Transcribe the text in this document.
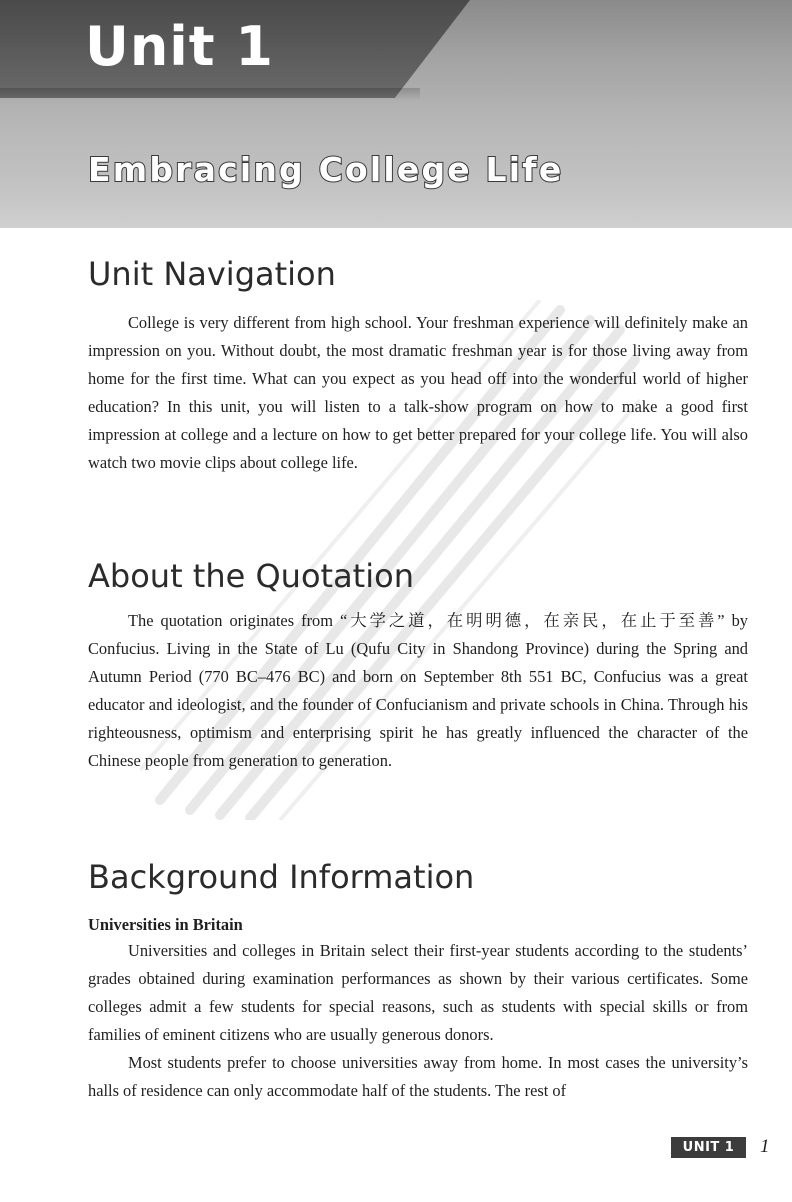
Unit 1
Embracing College Life
Unit Navigation

College is very different from high school. Your freshman experience will definitely make an impression on you. Without doubt, the most dramatic freshman year is for those living away from home for the first time. What can you expect as you head off into the wonderful world of higher education? In this unit, you will listen to a talk-show program on how to make a good first impression at college and a lecture on how to get better prepared for your college life. You will also watch two movie clips about college life.

About the Quotation

The quotation originates from “大学之道，在明明德，在亲民，在止于至善” by Confucius. Living in the State of Lu (Qufu City in Shandong Province) during the Spring and Autumn Period (770 BC–476 BC) and born on September 8th 551 BC, Confucius was a great educator and ideologist, and the founder of Confucianism and private schools in China. Through his righteousness, optimism and enterprising spirit he has greatly influenced the character of the Chinese people from generation to generation.

Background Information

Universities in Britain

Universities and colleges in Britain select their first-year students according to the students’ grades obtained during examination performances as shown by their various certificates. Some colleges admit a few students for special reasons, such as students with special skills or from families of eminent citizens who are usually generous donors.

Most students prefer to choose universities away from home. In most cases the university’s halls of residence can only accommodate half of the students. The rest of

UNIT 1	1
